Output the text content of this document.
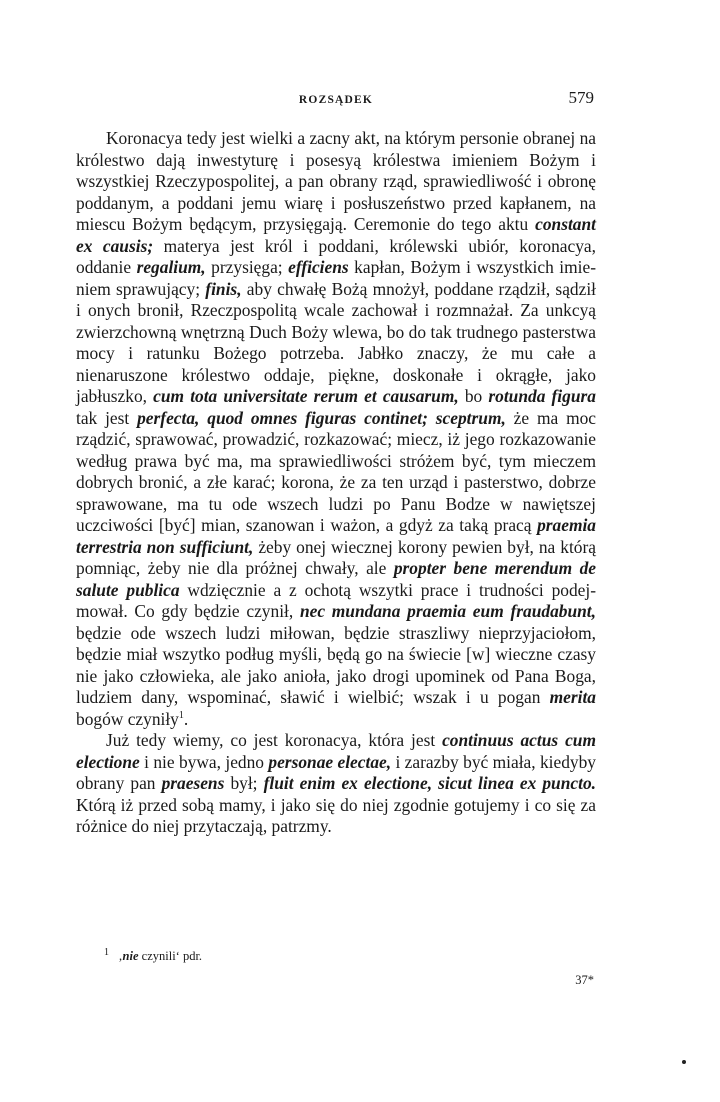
ROZSĄDEK	579

Koronacya tedy jest wielki a zacny akt, na którym personie obranej na królestwo dają inwestyturę i posesyą królestwa imieniem Bożym i wszystkiej Rzeczypospolitej, a pan obrany rząd, sprawiedliwość i obronę poddanym, a poddani jemu wiarę i posłuszeństwo przed kapłanem, na miescu Bożym będącym, przysięgają. Ceremonie do tego aktu constant ex causis; materya jest król i poddani, królewski ubiór, koronacya, oddanie regalium, przysięga; efficiens kapłan, Bożym i wszystkich imieniem sprawujący; finis, aby chwałę Bożą mnożył, poddane rządził, sądził i onych bronił, Rzeczpospolitą wcale zachował i rozmnażał. Za unkcyą zwierzchowną wnętrzną Duch Boży wlewa, bo do tak trudnego pasterstwa mocy i ratunku Bożego potrzeba. Jabłko znaczy, że mu całe a nienaruszone królestwo oddaje, piękne, doskonałe i okrągłe, jako jabłuszko, cum tota universitate rerum et causarum, bo rotunda figura tak jest perfecta, quod omnes figuras continet; sceptrum, że ma moc rządzić, sprawować, prowadzić, rozkazować; miecz, iż jego rozkazowanie według prawa być ma, ma sprawiedliwości stróżem być, tym mieczem dobrych bronić, a złe karać; korona, że za ten urząd i pasterstwo, dobrze sprawowane, ma tu ode wszech ludzi po Panu Bodze w nawiętszej uczciwości [być] mian, szanowan i ważon, a gdyż za taką pracą praemia terrestria non sufficiunt, żeby onej wiecznej korony pewien był, na którą pomniąc, żeby nie dla próżnej chwały, ale propter bene merendum de salute publica wdzięcznie a z ochotą wszytki prace i trudności podejmował. Co gdy będzie czynił, nec mundana praemia eum fraudabunt, będzie ode wszech ludzi miłowan, będzie straszliwy nieprzyjaciołom, będzie miał wszytko podług myśli, będą go na świecie [w] wieczne czasy nie jako człowieka, ale jako anioła, jako drogi upominek od Pana Boga, ludziem dany, wspominać, sławić i wielbić; wszak i u pogan merita bogów czyniły$^1$.

Już tedy wiemy, co jest koronacya, która jest continuus actus cum electione i nie bywa, jedno personae electae, i zarazby być miała, kiedyby obrany pan praesens był; fluit enim ex electione, sicut linea ex puncto. Którą iż przed sobą mamy, i jako się do niej zgodnie gotujemy i co się za różnice do niej przytaczają, patrzmy.

$^1$ ‚nie czynili‘ pdr.
37*
